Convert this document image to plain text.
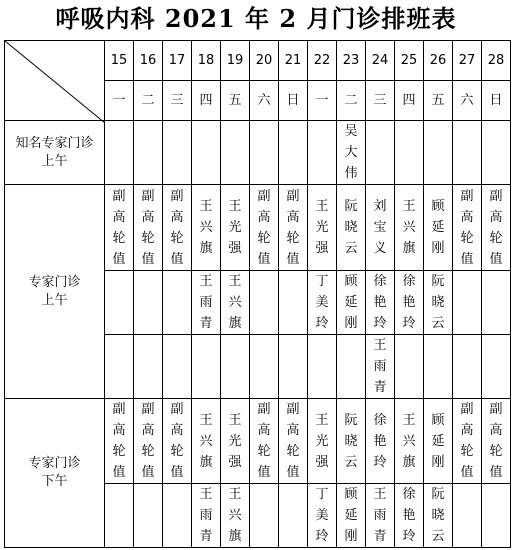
呼吸内科 2021 年 2 月门诊排班表
	15	16	17	18	19	20	21	22	23	24	25	26	27	28
	一	二	三	四	五	六	日	一	二	三	四	五	六	日

知名专家门诊
上午									吴大伟					

专家门诊
上午	副高轮值	副高轮值	副高轮值	王兴旗	王光强	副高轮值	副高轮值	王光强	阮晓云	刘宝义	王兴旗	顾延刚	副高轮值	副高轮值
				王雨青	王兴旗			丁美玲	顾延刚	徐艳玲	徐艳玲	阮晓云		
										王雨青				

专家门诊
下午	副高轮值	副高轮值	副高轮值	王兴旗	王光强	副高轮值	副高轮值	王光强	阮晓云	徐艳玲	王兴旗	顾延刚	副高轮值	副高轮值
				王雨青	王兴旗			丁美玲	顾延刚	王雨青	徐艳玲	阮晓云		
